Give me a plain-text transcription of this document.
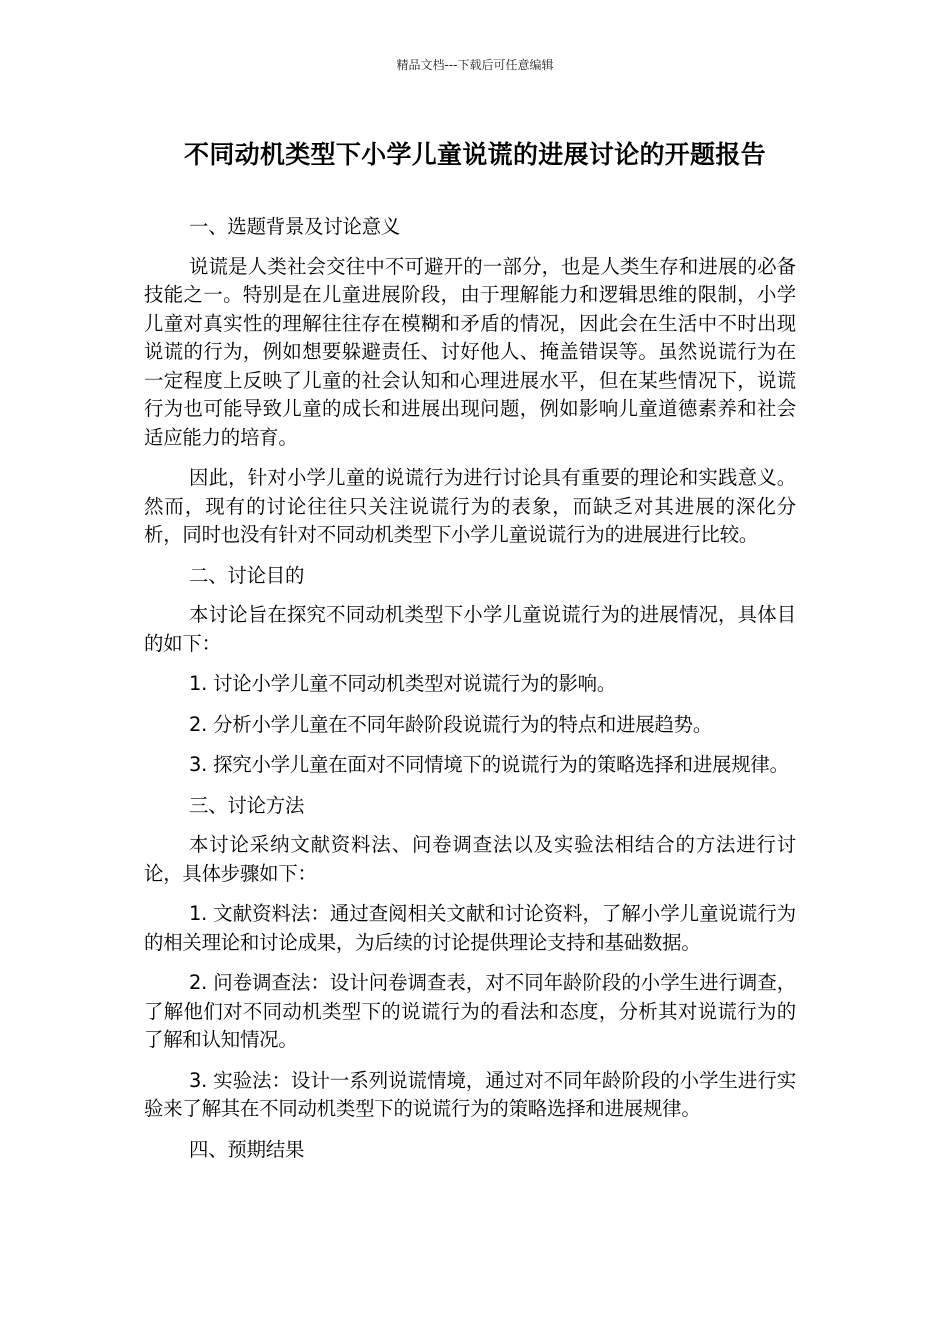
精品文档---下载后可任意编辑
不同动机类型下小学儿童说谎的进展讨论的开题报告

一、选题背景及讨论意义

说谎是人类社会交往中不可避开的一部分，也是人类生存和进展的必备技能之一。特别是在儿童进展阶段，由于理解能力和逻辑思维的限制，小学儿童对真实性的理解往往存在模糊和矛盾的情况，因此会在生活中不时出现说谎的行为，例如想要躲避责任、讨好他人、掩盖错误等。虽然说谎行为在一定程度上反映了儿童的社会认知和心理进展水平，但在某些情况下，说谎行为也可能导致儿童的成长和进展出现问题，例如影响儿童道德素养和社会适应能力的培育。

因此，针对小学儿童的说谎行为进行讨论具有重要的理论和实践意义。然而，现有的讨论往往只关注说谎行为的表象，而缺乏对其进展的深化分析，同时也没有针对不同动机类型下小学儿童说谎行为的进展进行比较。

二、讨论目的

本讨论旨在探究不同动机类型下小学儿童说谎行为的进展情况，具体目的如下：

1. 讨论小学儿童不同动机类型对说谎行为的影响。

2. 分析小学儿童在不同年龄阶段说谎行为的特点和进展趋势。

3. 探究小学儿童在面对不同情境下的说谎行为的策略选择和进展规律。

三、讨论方法

本讨论采纳文献资料法、问卷调查法以及实验法相结合的方法进行讨论，具体步骤如下：

1. 文献资料法：通过查阅相关文献和讨论资料，了解小学儿童说谎行为的相关理论和讨论成果，为后续的讨论提供理论支持和基础数据。

2. 问卷调查法：设计问卷调查表，对不同年龄阶段的小学生进行调查，了解他们对不同动机类型下的说谎行为的看法和态度，分析其对说谎行为的了解和认知情况。

3. 实验法：设计一系列说谎情境，通过对不同年龄阶段的小学生进行实验来了解其在不同动机类型下的说谎行为的策略选择和进展规律。

四、预期结果
